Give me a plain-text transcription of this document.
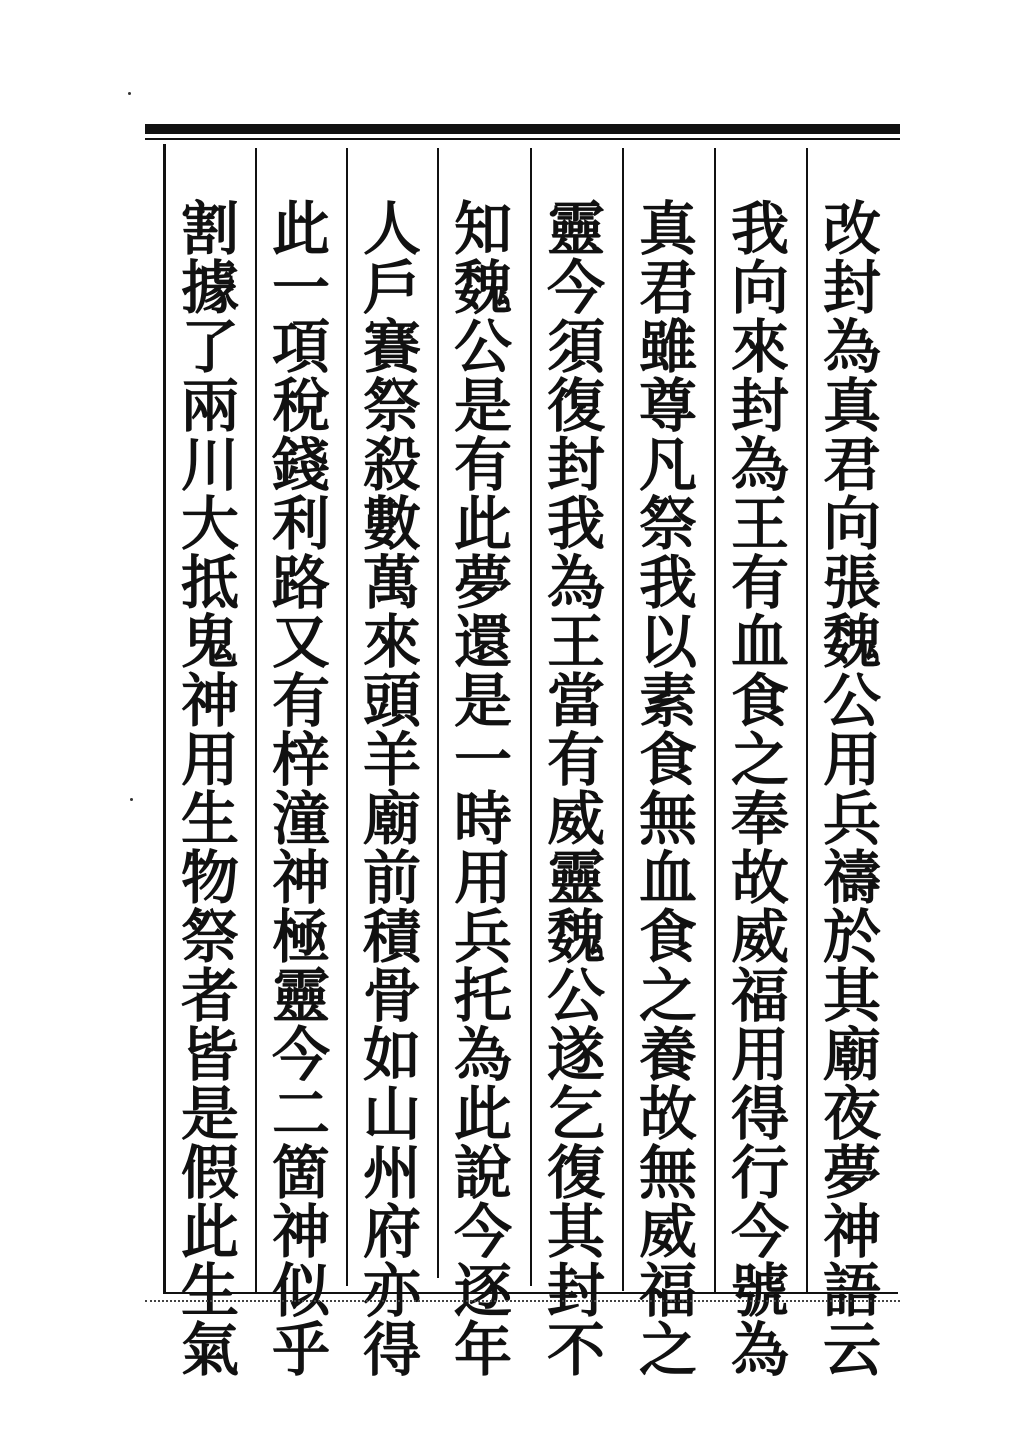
改
封
為
真
君
向
張
魏
公
用
兵
禱
於
其
廟
夜
夢
神
語
云
我
向
來
封
為
王
有
血
食
之
奉
故
威
福
用
得
行
今
號
為
真
君
雖
尊
凡
祭
我
以
素
食
無
血
食
之
養
故
無
威
福
之
靈
今
須
復
封
我
為
王
當
有
威
靈
魏
公
遂
乞
復
其
封
不
知
魏
公
是
有
此
夢
還
是
一
時
用
兵
托
為
此
說
今
逐
年
人
戶
賽
祭
殺
數
萬
來
頭
羊
廟
前
積
骨
如
山
州
府
亦
得
此
一
項
稅
錢
利
路
又
有
梓
潼
神
極
靈
今
二
箇
神
似
乎
割
據
了
兩
川
大
抵
鬼
神
用
生
物
祭
者
皆
是
假
此
生
氣
